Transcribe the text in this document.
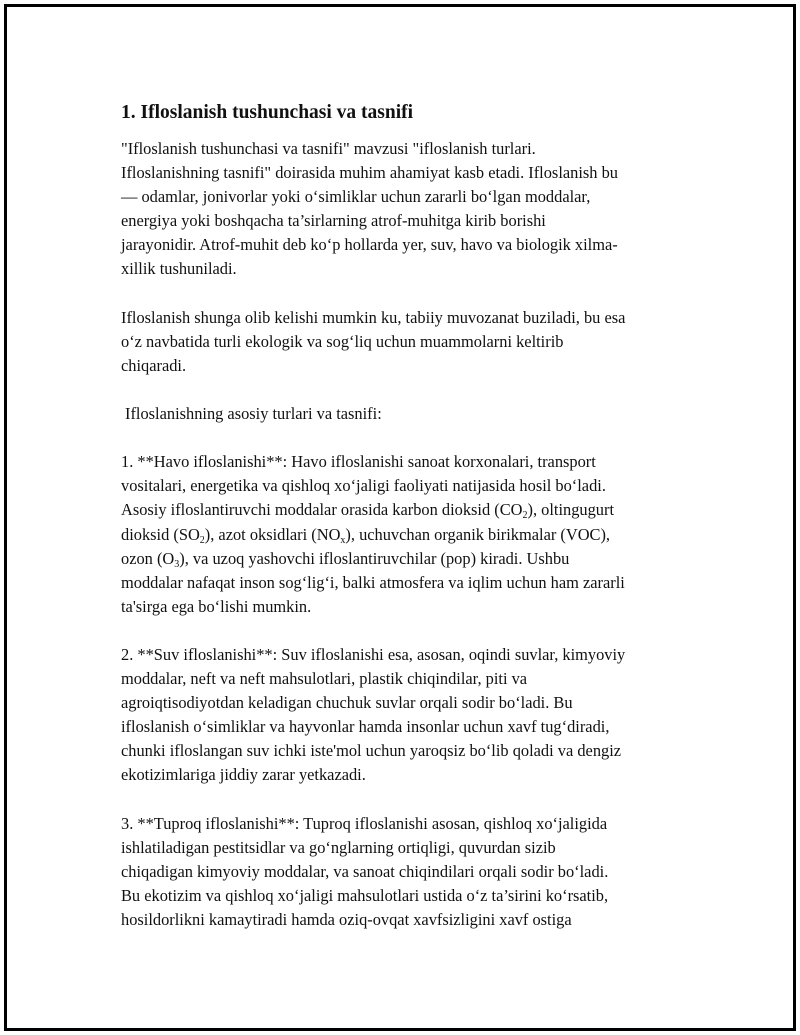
1. Ifloslanish tushunchasi va tasnifi

"Ifloslanish tushunchasi va tasnifi" mavzusi "ifloslanish turlari.
Ifloslanishning tasnifi" doirasida muhim ahamiyat kasb etadi. Ifloslanish bu
— odamlar, jonivorlar yoki o‘simliklar uchun zararli bo‘lgan moddalar,
energiya yoki boshqacha ta’sirlarning atrof-muhitga kirib borishi
jarayonidir. Atrof-muhit deb ko‘p hollarda yer, suv, havo va biologik xilma-
xillik tushuniladi.

Ifloslanish shunga olib kelishi mumkin ku, tabiiy muvozanat buziladi, bu esa
o‘z navbatida turli ekologik va sog‘liq uchun muammolarni keltirib
chiqaradi.

Ifloslanishning asosiy turlari va tasnifi:

1. **Havo ifloslanishi**: Havo ifloslanishi sanoat korxonalari, transport
vositalari, energetika va qishloq xo‘jaligi faoliyati natijasida hosil bo‘ladi.
Asosiy ifloslantiruvchi moddalar orasida karbon dioksid $(CO_2)$, oltingugurt
dioksid $(SO_2)$, azot oksidlari $(NO_x)$, uchuvchan organik birikmalar (VOC),
ozon $(O_3)$, va uzoq yashovchi ifloslantiruvchilar (pop) kiradi. Ushbu
moddalar nafaqat inson sog‘lig‘i, balki atmosfera va iqlim uchun ham zararli
ta'sirga ega bo‘lishi mumkin.

2. **Suv ifloslanishi**: Suv ifloslanishi esa, asosan, oqindi suvlar, kimyoviy
moddalar, neft va neft mahsulotlari, plastik chiqindilar, piti va
agroiqtisodiyotdan keladigan chuchuk suvlar orqali sodir bo‘ladi. Bu
ifloslanish o‘simliklar va hayvonlar hamda insonlar uchun xavf tug‘diradi,
chunki ifloslangan suv ichki iste'mol uchun yaroqsiz bo‘lib qoladi va dengiz
ekotizimlariga jiddiy zarar yetkazadi.

3. **Tuproq ifloslanishi**: Tuproq ifloslanishi asosan, qishloq xo‘jaligida
ishlatiladigan pestitsidlar va go‘nglarning ortiqligi, quvurdan sizib
chiqadigan kimyoviy moddalar, va sanoat chiqindilari orqali sodir bo‘ladi.
Bu ekotizim va qishloq xo‘jaligi mahsulotlari ustida o‘z ta’sirini ko‘rsatib,
hosildorlikni kamaytiradi hamda oziq-ovqat xavfsizligini xavf ostiga
